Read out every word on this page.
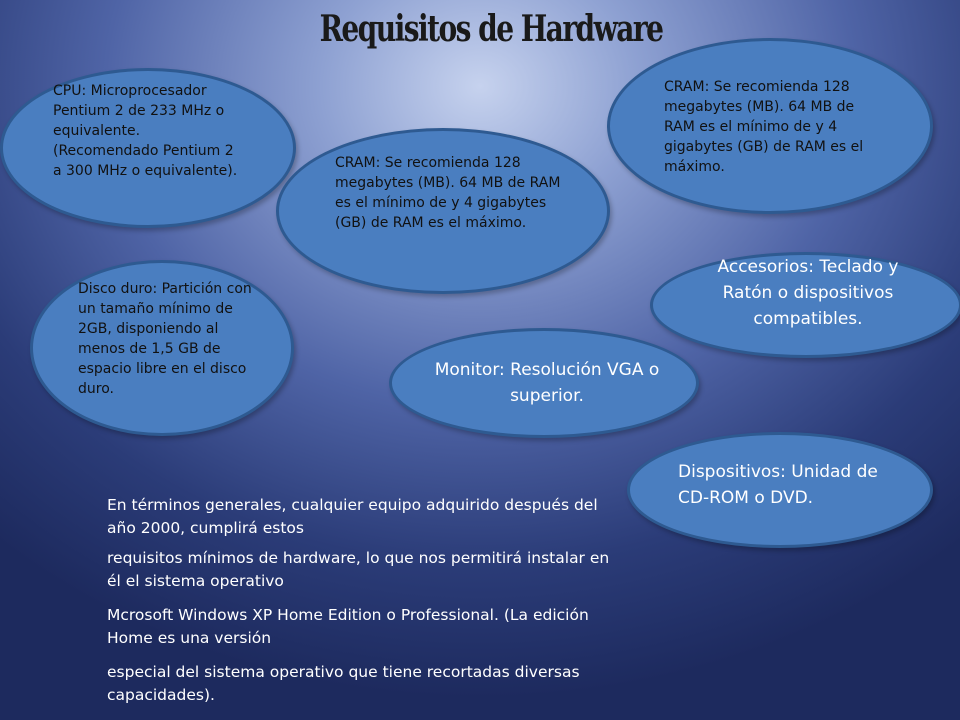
Requisitos de Hardware
CPU: Microprocesador Pentium 2 de 233 MHz o equivalente. (Recomendado Pentium 2 a 300 MHz o equivalente).	CRAM: Se recomienda 128 megabytes (MB). 64 MB de RAM es el mínimo de y 4 gigabytes (GB) de RAM es el máximo.
CRAM: Se recomienda 128 megabytes (MB). 64 MB de RAM es el mínimo de y 4 gigabytes (GB) de RAM es el máximo.
Accesorios: Teclado y Ratón o dispositivos compatibles.
Disco duro: Partición con un tamaño mínimo de 2GB, disponiendo al menos de 1,5 GB de espacio libre en el disco duro.
Monitor: Resolución VGA o superior.
Dispositivos: Unidad de CD-ROM o DVD.
En términos generales, cualquier equipo adquirido después del año 2000, cumplirá estos
requisitos mínimos de hardware, lo que nos permitirá instalar en él el sistema operativo
Mcrosoft Windows XP Home Edition o Professional. (La edición Home es una versión
especial del sistema operativo que tiene recortadas diversas capacidades).
